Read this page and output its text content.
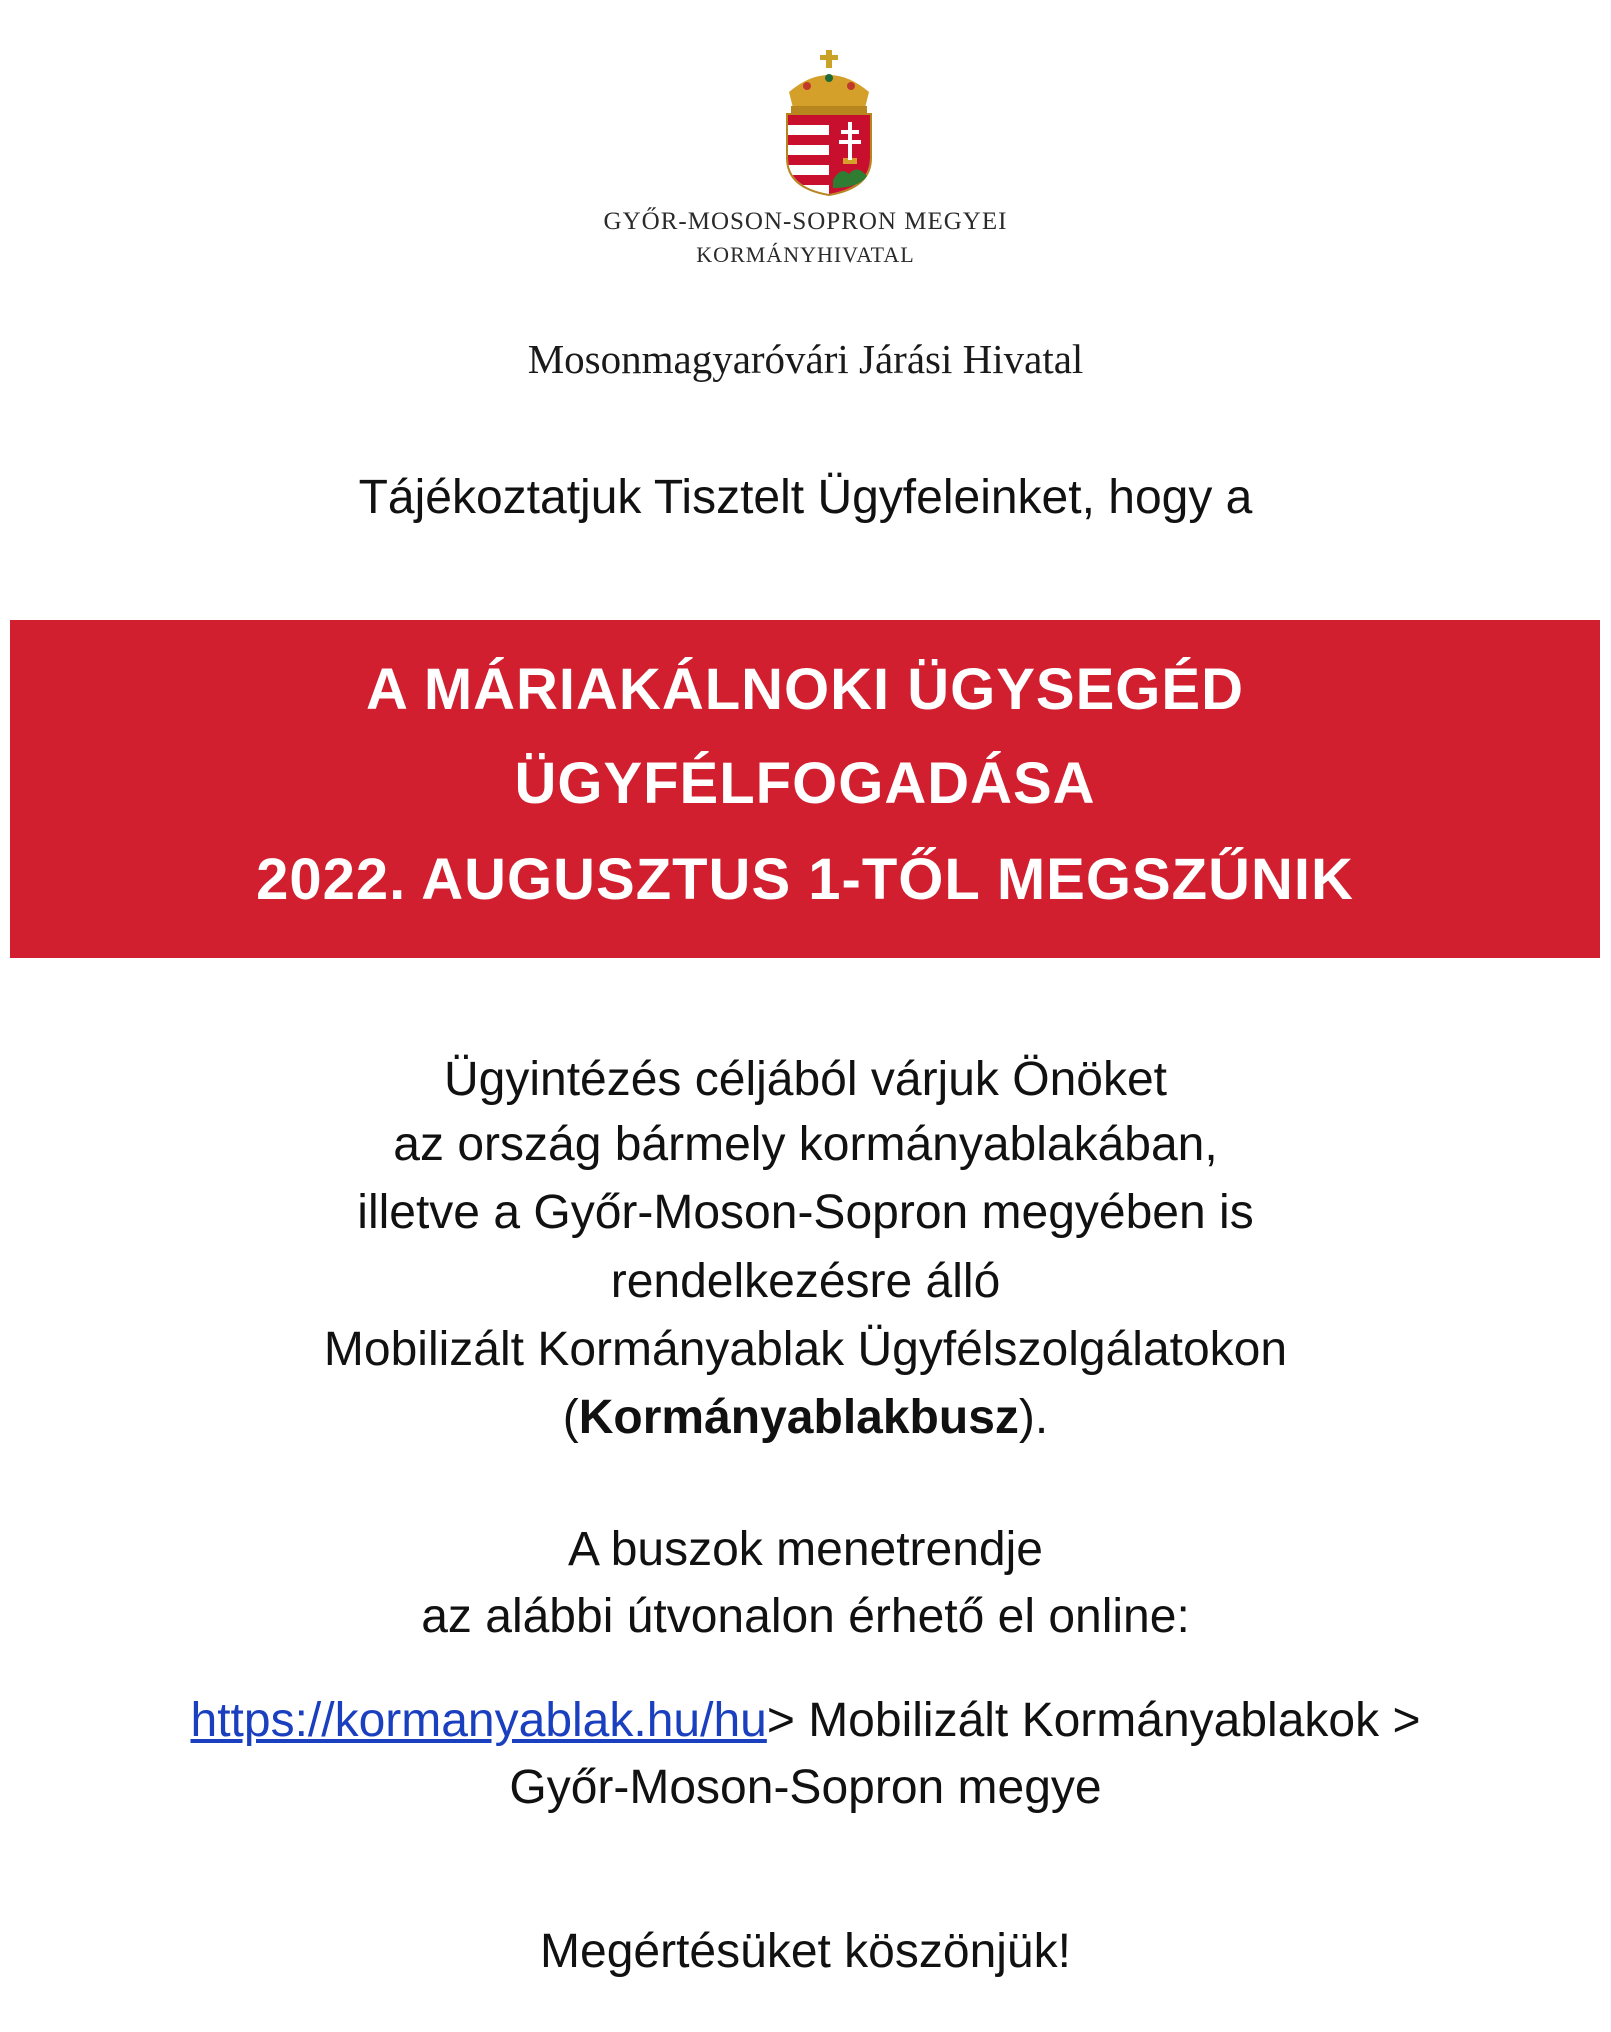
GYŐR-MOSON-SOPRON MEGYEI
KORMÁNYHIVATAL
Mosonmagyaróvári Járási Hivatal
Tájékoztatjuk Tisztelt Ügyfeleinket, hogy a
A MÁRIAKÁLNOKI ÜGYSEGÉD
ÜGYFÉLFOGADÁSA
2022. AUGUSZTUS 1-TŐL MEGSZŰNIK
Ügyintézés céljából várjuk Önöket
az ország bármely kormányablakában,
illetve a Győr-Moson-Sopron megyében is
rendelkezésre álló
Mobilizált Kormányablak Ügyfélszolgálatokon
(Kormányablakbusz).
A buszok menetrendje
az alábbi útvonalon érhető el online:
https://kormanyablak.hu/hu> Mobilizált Kormányablakok >
Győr-Moson-Sopron megye
Megértésüket köszönjük!
